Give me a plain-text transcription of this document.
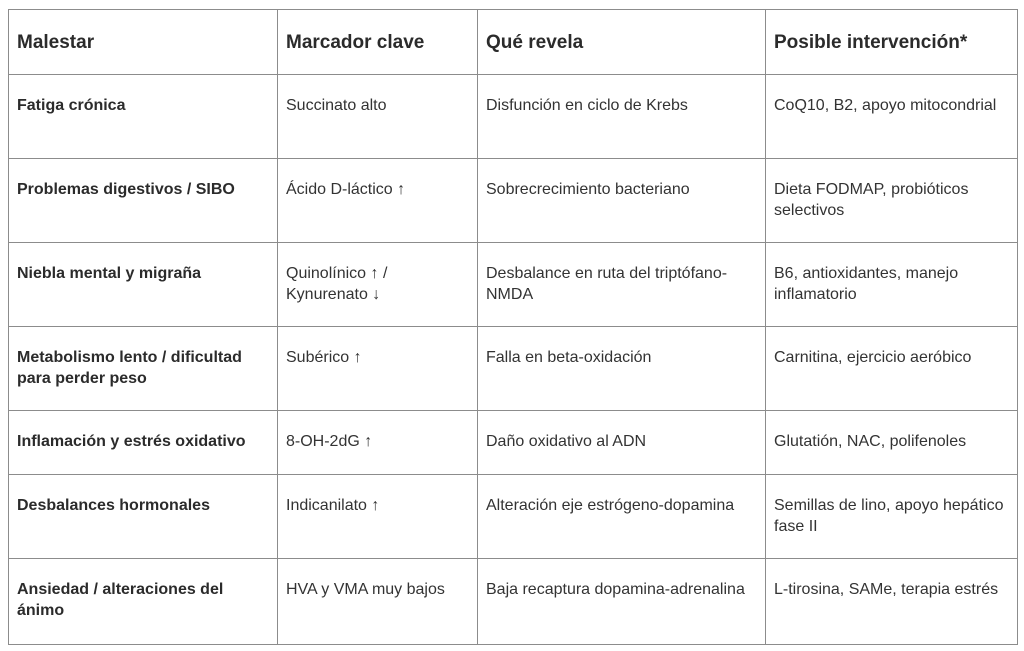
Malestar	Marcador clave	Qué revela	Posible intervención*
Fatiga crónica	Succinato alto	Disfunción en ciclo de Krebs	CoQ10, B2, apoyo mitocondrial
Problemas digestivos / SIBO	Ácido D-láctico ↑	Sobrecrecimiento bacteriano	Dieta FODMAP, probióticos selectivos
Niebla mental y migraña	Quinolínico ↑ / Kynurenato ↓	Desbalance en ruta del triptófano-NMDA	B6, antioxidantes, manejo inflamatorio
Metabolismo lento / dificultad para perder peso	Subérico ↑	Falla en beta-oxidación	Carnitina, ejercicio aeróbico
Inflamación y estrés oxidativo	8-OH-2dG ↑	Daño oxidativo al ADN	Glutatión, NAC, polifenoles
Desbalances hormonales	Indicanilato ↑	Alteración eje estrógeno-dopamina	Semillas de lino, apoyo hepático fase II
Ansiedad / alteraciones del ánimo	HVA y VMA muy bajos	Baja recaptura dopamina-adrenalina	L-tirosina, SAMe, terapia estrés
